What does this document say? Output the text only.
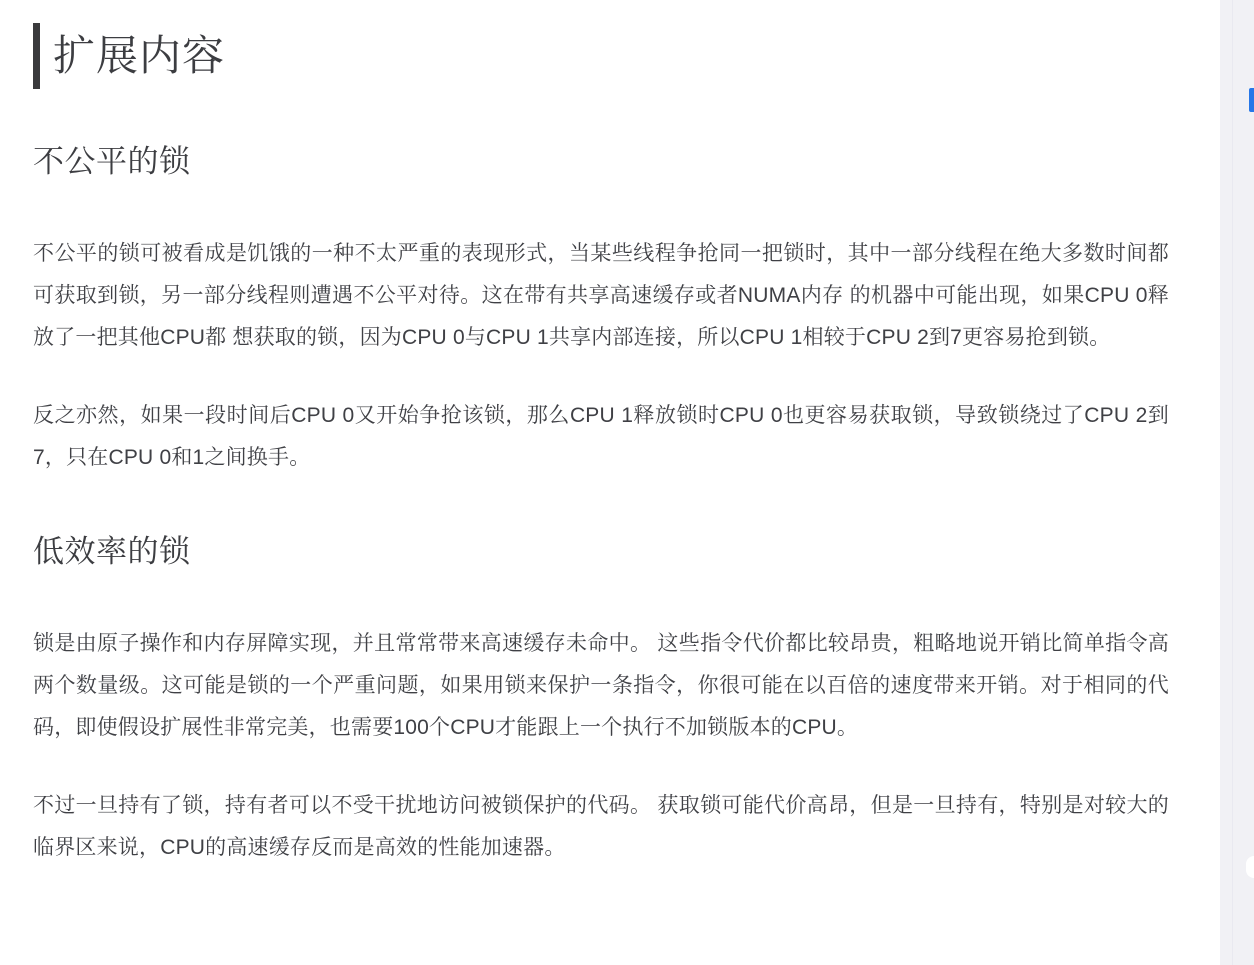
扩展内容
不公平的锁

不公平的锁可被看成是饥饿的一种不太严重的表现形式，当某些线程争抢同一把锁时，其中一部分线程在绝大多数时间都可获取到锁，另一部分线程则遭遇不公平对待。这在带有共享高速缓存或者NUMA内存 的机器中可能出现，如果CPU 0释放了一把其他CPU都 想获取的锁，因为CPU 0与CPU 1共享内部连接，所以CPU 1相较于CPU 2到7更容易抢到锁。

反之亦然，如果一段时间后CPU 0又开始争抢该锁，那么CPU 1释放锁时CPU 0也更容易获取锁，导致锁绕过了CPU 2到 7，只在CPU 0和1之间换手。

低效率的锁

锁是由原子操作和内存屏障实现，并且常常带来高速缓存未命中。 这些指令代价都比较昂贵，粗略地说开销比简单指令高两个数量级。这可能是锁的一个严重问题，如果用锁来保护一条指令，你很可能在以百倍的速度带来开销。对于相同的代码，即使假设扩展性非常完美，也需要100个CPU才能跟上一个执行不加锁版本的CPU。

不过一旦持有了锁，持有者可以不受干扰地访问被锁保护的代码。 获取锁可能代价高昂，但是一旦持有，特别是对较大的临界区来说，CPU的高速缓存反而是高效的性能加速器。
